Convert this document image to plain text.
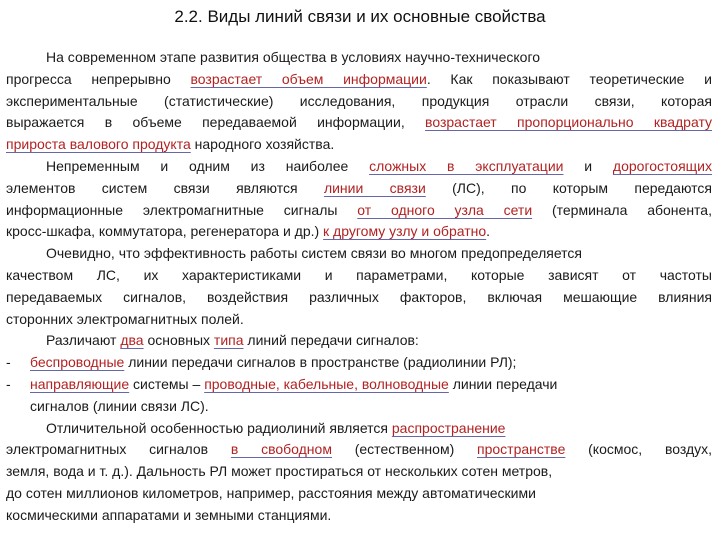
2.2. Виды линий связи и их основные свойства
На современном этапе развития общества в условиях научно-технического
прогресса непрерывно возрастает объем информации. Как показывают теоретические и
экспериментальные (статистические) исследования, продукция отрасли связи, которая
выражается в объеме передаваемой информации, возрастает пропорционально квадрату
прироста валового продукта народного хозяйства.
Непременным и одним из наиболее сложных в эксплуатации и дорогостоящих
элементов систем связи являются линии связи (ЛС), по которым передаются
информационные электромагнитные сигналы от одного узла сети (терминала абонента,
кросс-шкафа, коммутатора, регенератора и др.) к другому узлу и обратно.
Очевидно, что эффективность работы систем связи во многом предопределяется
качеством ЛС, их характеристиками и параметрами, которые зависят от частоты
передаваемых сигналов, воздействия различных факторов, включая мешающие влияния
сторонних электромагнитных полей.
Различают два основных типа линий передачи сигналов:
- беспроводные линии передачи сигналов в пространстве (радиолинии РЛ);
- направляющие системы – проводные, кабельные, волноводные линии передачи
сигналов (линии связи ЛС).
Отличительной особенностью радиолиний является распространение
электромагнитных сигналов в свободном (естественном) пространстве (космос, воздух,
земля, вода и т. д.). Дальность РЛ может простираться от нескольких сотен метров,
до сотен миллионов километров, например, расстояния между автоматическими
космическими аппаратами и земными станциями.
